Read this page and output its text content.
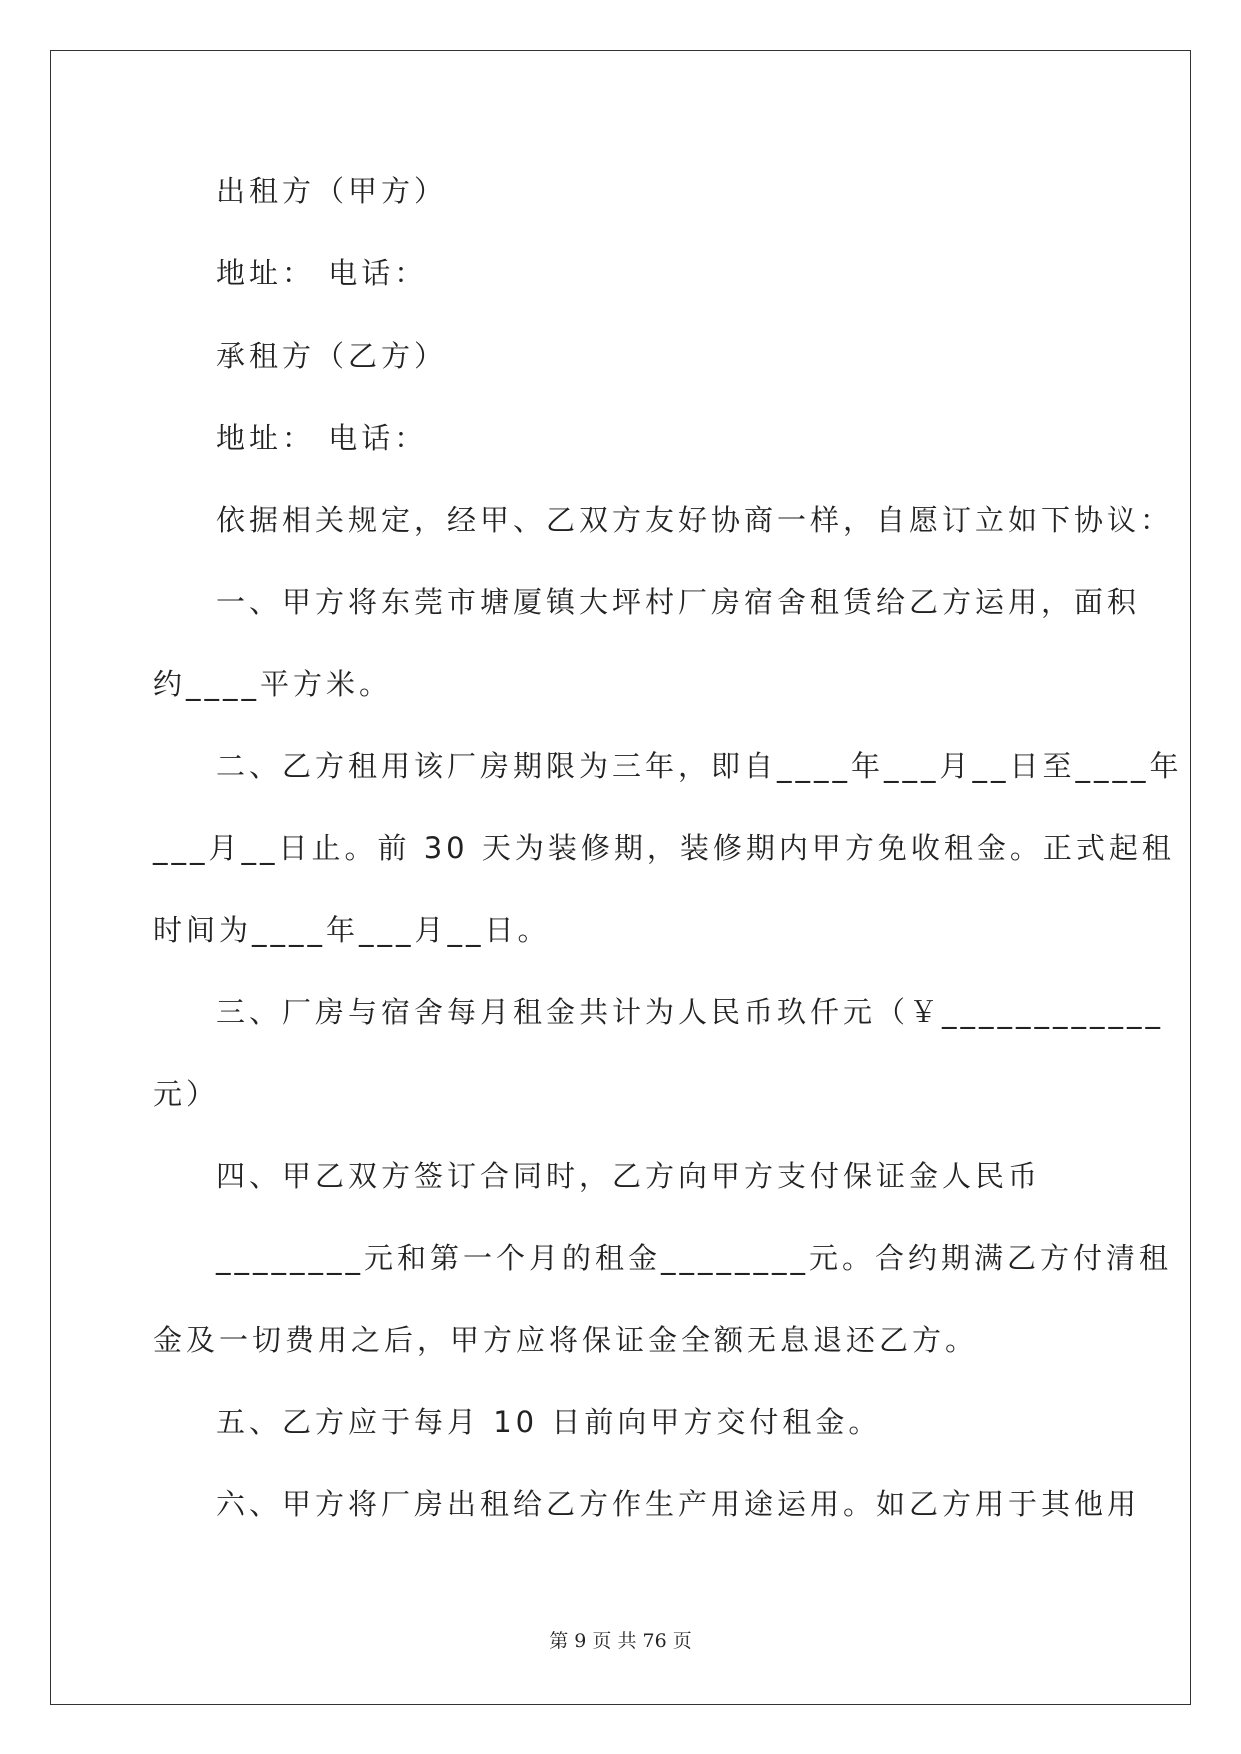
出租方（甲方）
地址： 电话：
承租方（乙方）
地址： 电话：
依据相关规定，经甲、乙双方友好协商一样，自愿订立如下协议：
一、甲方将东莞市塘厦镇大坪村厂房宿舍租赁给乙方运用，面积
约____平方米。
二、乙方租用该厂房期限为三年，即自____年___月__日至____年
___月__日止。前 30 天为装修期，装修期内甲方免收租金。正式起租
时间为____年___月__日。
三、厂房与宿舍每月租金共计为人民币玖仟元（￥____________
元）
四、甲乙双方签订合同时，乙方向甲方支付保证金人民币
________元和第一个月的租金________元。合约期满乙方付清租
金及一切费用之后，甲方应将保证金全额无息退还乙方。
五、乙方应于每月 10 日前向甲方交付租金。
六、甲方将厂房出租给乙方作生产用途运用。如乙方用于其他用
第 9 页 共 76 页
